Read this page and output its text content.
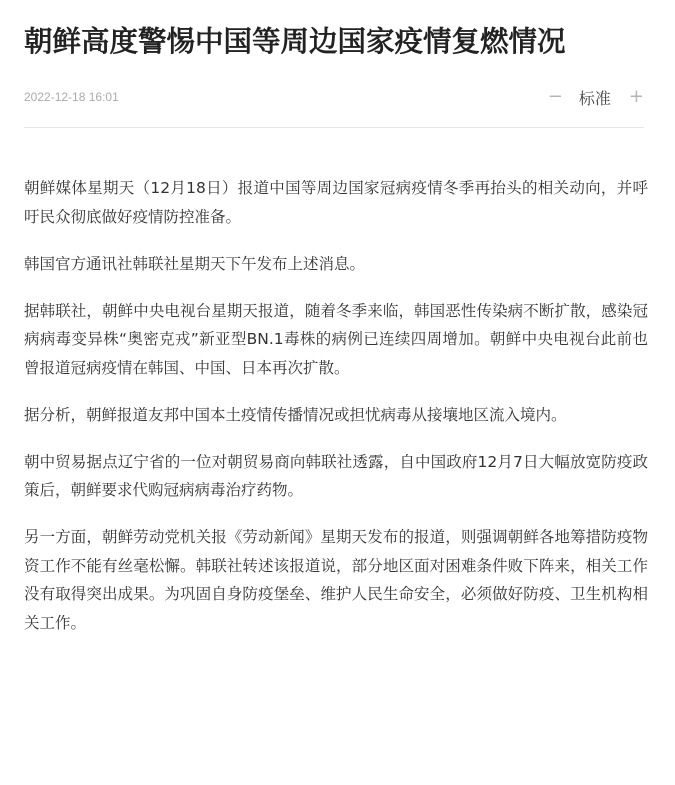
朝鲜高度警惕中国等周边国家疫情复燃情况
2022-12-18 16:01	− 标准 +

朝鲜媒体星期天（12月18日）报道中国等周边国家冠病疫情冬季再抬头的相关动向，并呼吁民众彻底做好疫情防控准备。

韩国官方通讯社韩联社星期天下午发布上述消息。

据韩联社，朝鲜中央电视台星期天报道，随着冬季来临，韩国恶性传染病不断扩散，感染冠病病毒变异株“奥密克戎”新亚型BN.1毒株的病例已连续四周增加。朝鲜中央电视台此前也曾报道冠病疫情在韩国、中国、日本再次扩散。

据分析，朝鲜报道友邦中国本土疫情传播情况或担忧病毒从接壤地区流入境内。

朝中贸易据点辽宁省的一位对朝贸易商向韩联社透露，自中国政府12月7日大幅放宽防疫政策后，朝鲜要求代购冠病病毒治疗药物。

另一方面，朝鲜劳动党机关报《劳动新闻》星期天发布的报道，则强调朝鲜各地筹措防疫物资工作不能有丝毫松懈。韩联社转述该报道说，部分地区面对困难条件败下阵来，相关工作没有取得突出成果。为巩固自身防疫堡垒、维护人民生命安全，必须做好防疫、卫生机构相关工作。
